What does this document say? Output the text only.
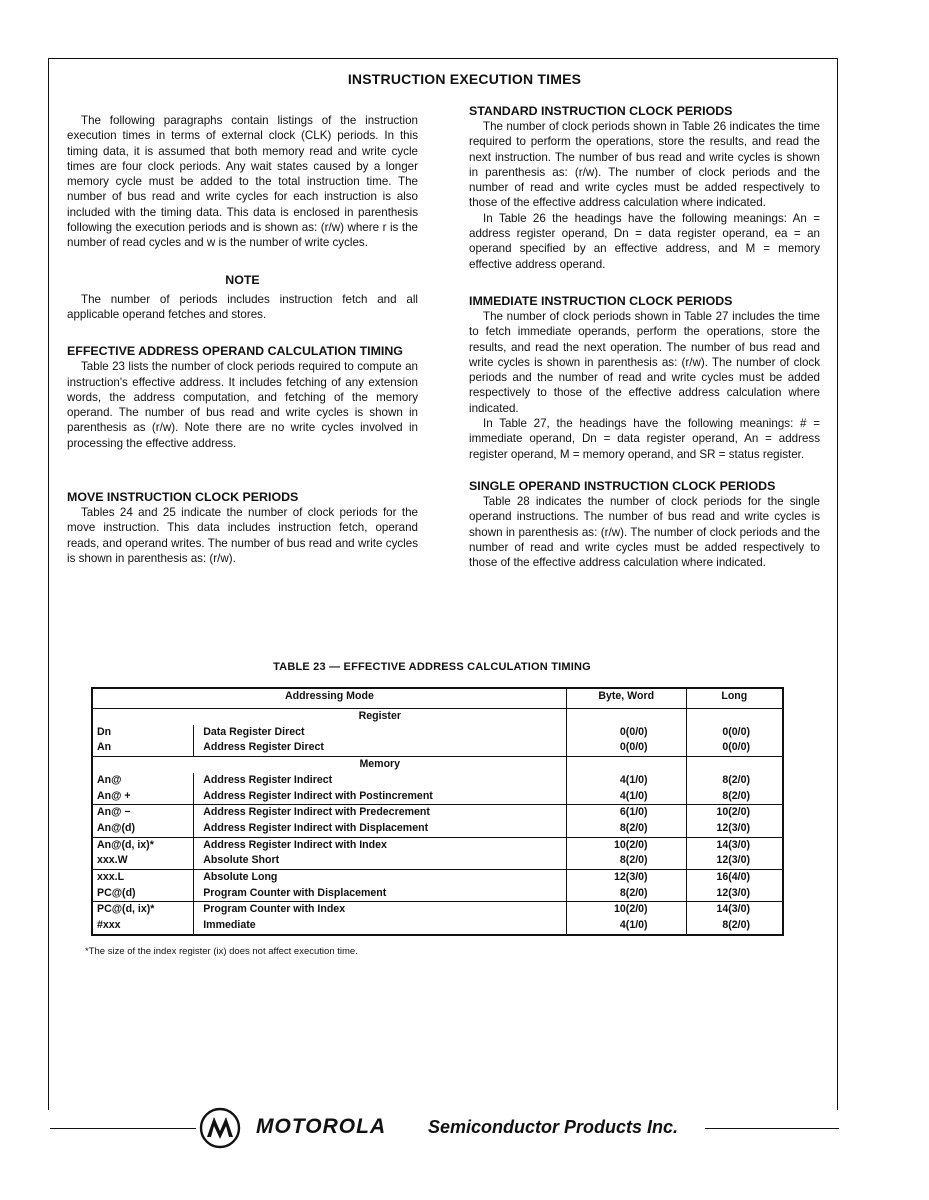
INSTRUCTION EXECUTION TIMES

The following paragraphs contain listings of the instruction execution times in terms of external clock (CLK) periods. In this timing data, it is assumed that both memory read and write cycle times are four clock periods. Any wait states caused by a longer memory cycle must be added to the total instruction time. The number of bus read and write cycles for each instruction is also included with the timing data. This data is enclosed in parenthesis following the execution periods and is shown as: (r/w) where r is the number of read cycles and w is the number of write cycles.

NOTE

The number of periods includes instruction fetch and all applicable operand fetches and stores.

EFFECTIVE ADDRESS OPERAND CALCULATION TIMING

Table 23 lists the number of clock periods required to compute an instruction's effective address. It includes fetching of any extension words, the address computation, and fetching of the memory operand. The number of bus read and write cycles is shown in parenthesis as (r/w). Note there are no write cycles involved in processing the effective address.

MOVE INSTRUCTION CLOCK PERIODS

Tables 24 and 25 indicate the number of clock periods for the move instruction. This data includes instruction fetch, operand reads, and operand writes. The number of bus read and write cycles is shown in parenthesis as: (r/w).

STANDARD INSTRUCTION CLOCK PERIODS

The number of clock periods shown in Table 26 indicates the time required to perform the operations, store the results, and read the next instruction. The number of bus read and write cycles is shown in parenthesis as: (r/w). The number of clock periods and the number of read and write cycles must be added respectively to those of the effective address calculation where indicated.

In Table 26 the headings have the following meanings: An = address register operand, Dn = data register operand, ea = an operand specified by an effective address, and M = memory effective address operand.

IMMEDIATE INSTRUCTION CLOCK PERIODS

The number of clock periods shown in Table 27 includes the time to fetch immediate operands, perform the operations, store the results, and read the next operation. The number of bus read and write cycles is shown in parenthesis as: (r/w). The number of clock periods and the number of read and write cycles must be added respectively to those of the effective address calculation where indicated.

In Table 27, the headings have the following meanings: # = immediate operand, Dn = data register operand, An = address register operand, M = memory operand, and SR = status register.

SINGLE OPERAND INSTRUCTION CLOCK PERIODS

Table 28 indicates the number of clock periods for the single operand instructions. The number of bus read and write cycles is shown in parenthesis as: (r/w). The number of clock periods and the number of read and write cycles must be added respectively to those of the effective address calculation where indicated.

TABLE 23 — EFFECTIVE ADDRESS CALCULATION TIMING
Addressing Mode		Byte, Word	Long
	Register		
Dn	Data Register Direct	0(0/0)	0(0/0)
An	Address Register Direct	0(0/0)	0(0/0)
	Memory		
An@	Address Register Indirect	4(1/0)	8(2/0)
An@ +	Address Register Indirect with Postincrement	4(1/0)	8(2/0)
An@ −	Address Register Indirect with Predecrement	6(1/0)	10(2/0)
An@(d)	Address Register Indirect with Displacement	8(2/0)	12(3/0)
An@(d, ix)*	Address Register Indirect with Index	10(2/0)	14(3/0)
xxx.W	Absolute Short	8(2/0)	12(3/0)
xxx.L	Absolute Long	12(3/0)	16(4/0)
PC@(d)	Program Counter with Displacement	8(2/0)	12(3/0)
PC@(d, ix)*	Program Counter with Index	10(2/0)	14(3/0)
#xxx	Immediate	4(1/0)	8(2/0)
*The size of the index register (ix) does not affect execution time.
MOTOROLA Semiconductor Products Inc.
